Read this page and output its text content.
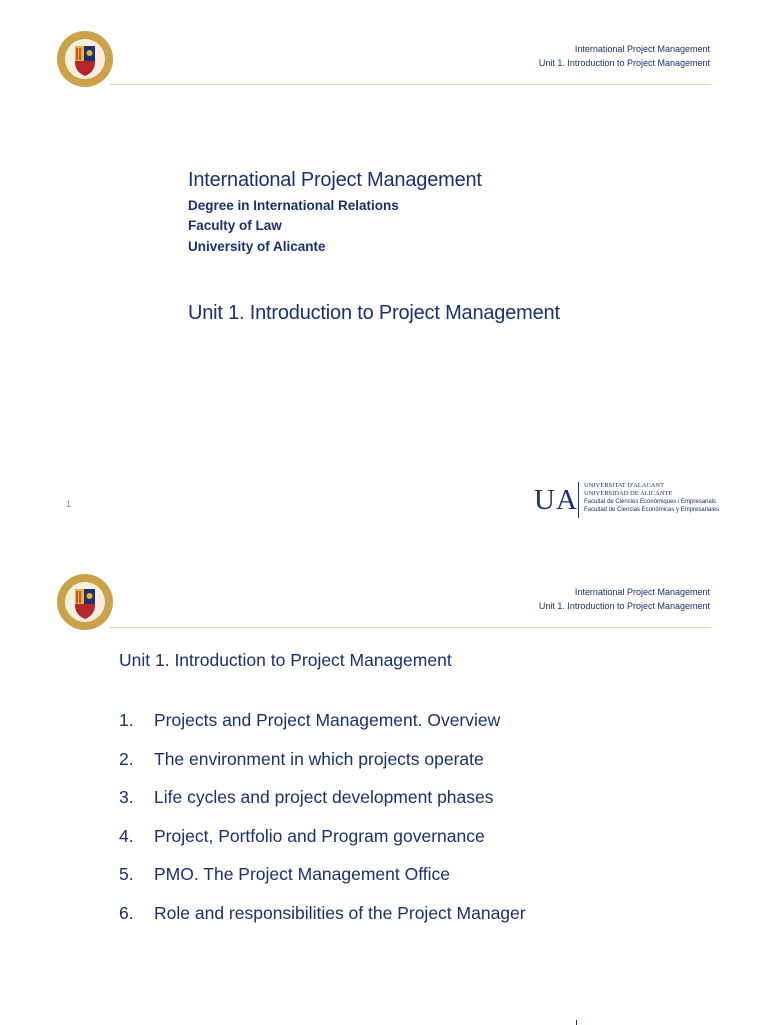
International Project Management
Unit 1. Introduction to Project Management
International Project Management
Degree in International Relations
Faculty of Law
University of Alicante
Unit 1. Introduction to Project Management
1	UA UNIVERSITAT D'ALACANT
UNIVERSIDAD DE ALICANTE
Facultat de Ciències Econòmiques i Empresarials
Facultad de Ciencias Económicas y Empresariales
International Project Management
Unit 1. Introduction to Project Management
Unit 1. Introduction to Project Management
1.	Projects and Project Management. Overview
2.	The environment in which projects operate
3.	Life cycles and project development phases
4.	Project, Portfolio and Program governance
5.	PMO. The Project Management Office
6.	Role and responsibilities of the Project Manager
